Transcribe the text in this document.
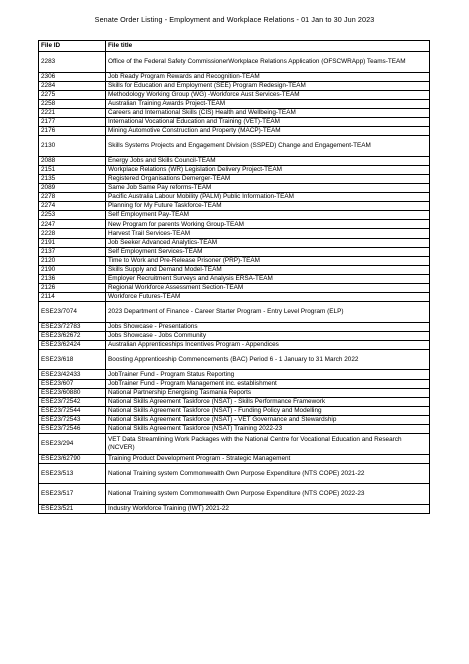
Senate Order Listing - Employment and Workplace Relations - 01 Jan to 30 Jun 2023
File ID	File title
2283	Office of the Federal Safety CommissionerWorkplace Relations Application (OFSCWRApp) Teams-TEAM
2306	Job Ready Program Rewards and Recognition-TEAM
2284	Skills for Education and Employment (SEE) Program Redesign-TEAM
2275	Methodology Working Group (WG) -Workforce Aust Services-TEAM
2258	Australian Training Awards Project-TEAM
2221	Careers and International Skills (CIS) Health and Wellbeing-TEAM
2177	International Vocational Education and Training (VET)-TEAM
2176	Mining Automotive Construction and Property (MACP)-TEAM
2130	Skills Systems Projects and Engagement Division (SSPED) Change and Engagement-TEAM
2088	Energy Jobs and Skills Council-TEAM
2151	Workplace Relations (WR) Legislation Delivery Project-TEAM
2135	Registered Organisations Demerger-TEAM
2089	Same Job Same Pay reforms-TEAM
2278	Pacific Australia Labour Mobility (PALM) Public Information-TEAM
2274	Planning for My Future Taskforce-TEAM
2253	Self Employment Pay-TEAM
2247	New Program for parents Working Group-TEAM
2228	Harvest Trail Services-TEAM
2191	Job Seeker Advanced Analytics-TEAM
2137	Self Employment Services-TEAM
2120	Time to Work and Pre-Release Prisoner (PRP)-TEAM
2190	Skills Supply and Demand Model-TEAM
2136	Employer Recruitment Surveys and Analysis ERSA-TEAM
2126	Regional Workforce Assessment Section-TEAM
2114	Workforce Futures-TEAM
ESE23/7074	2023 Department of Finance - Career Starter Program - Entry Level Program (ELP)
ESE23/72783	Jobs Showcase - Presentations
ESE23/62672	Jobs Showcase - Jobs Community
ESE23/62424	Australian Apprenticeships Incentives Program - Appendices
ESE23/618	Boosting Apprenticeship Commencements (BAC) Period 6 - 1 January to 31 March 2022
ESE23/42433	JobTrainer Fund - Program Status Reporting
ESE23/607	JobTrainer Fund - Program Management inc. establishment
ESE23/60880	National Partnership Energising Tasmania Reports
ESE23/72542	National Skills Agreement Taskforce (NSAT) - Skills Performance Framework
ESE23/72544	National Skills Agreement Taskforce (NSAT) - Funding Policy and Modelling
ESE23/72543	National Skills Agreement Taskforce (NSAT) - VET Governance and Stewardship
ESE23/72546	National Skills Agreement Taskforce (NSAT) Training 2022-23
ESE23/294	VET Data Streamlining Work Packages with the National Centre for Vocational Education and Research (NCVER)
ESE23/62790	Training Product Development Program - Strategic Management
ESE23/513	National Training system Commonwealth Own Purpose Expenditure (NTS COPE) 2021-22
ESE23/517	National Training system Commonwealth Own Purpose Expenditure (NTS COPE) 2022-23
ESE23/521	Industry Workforce Training (IWT) 2021-22
